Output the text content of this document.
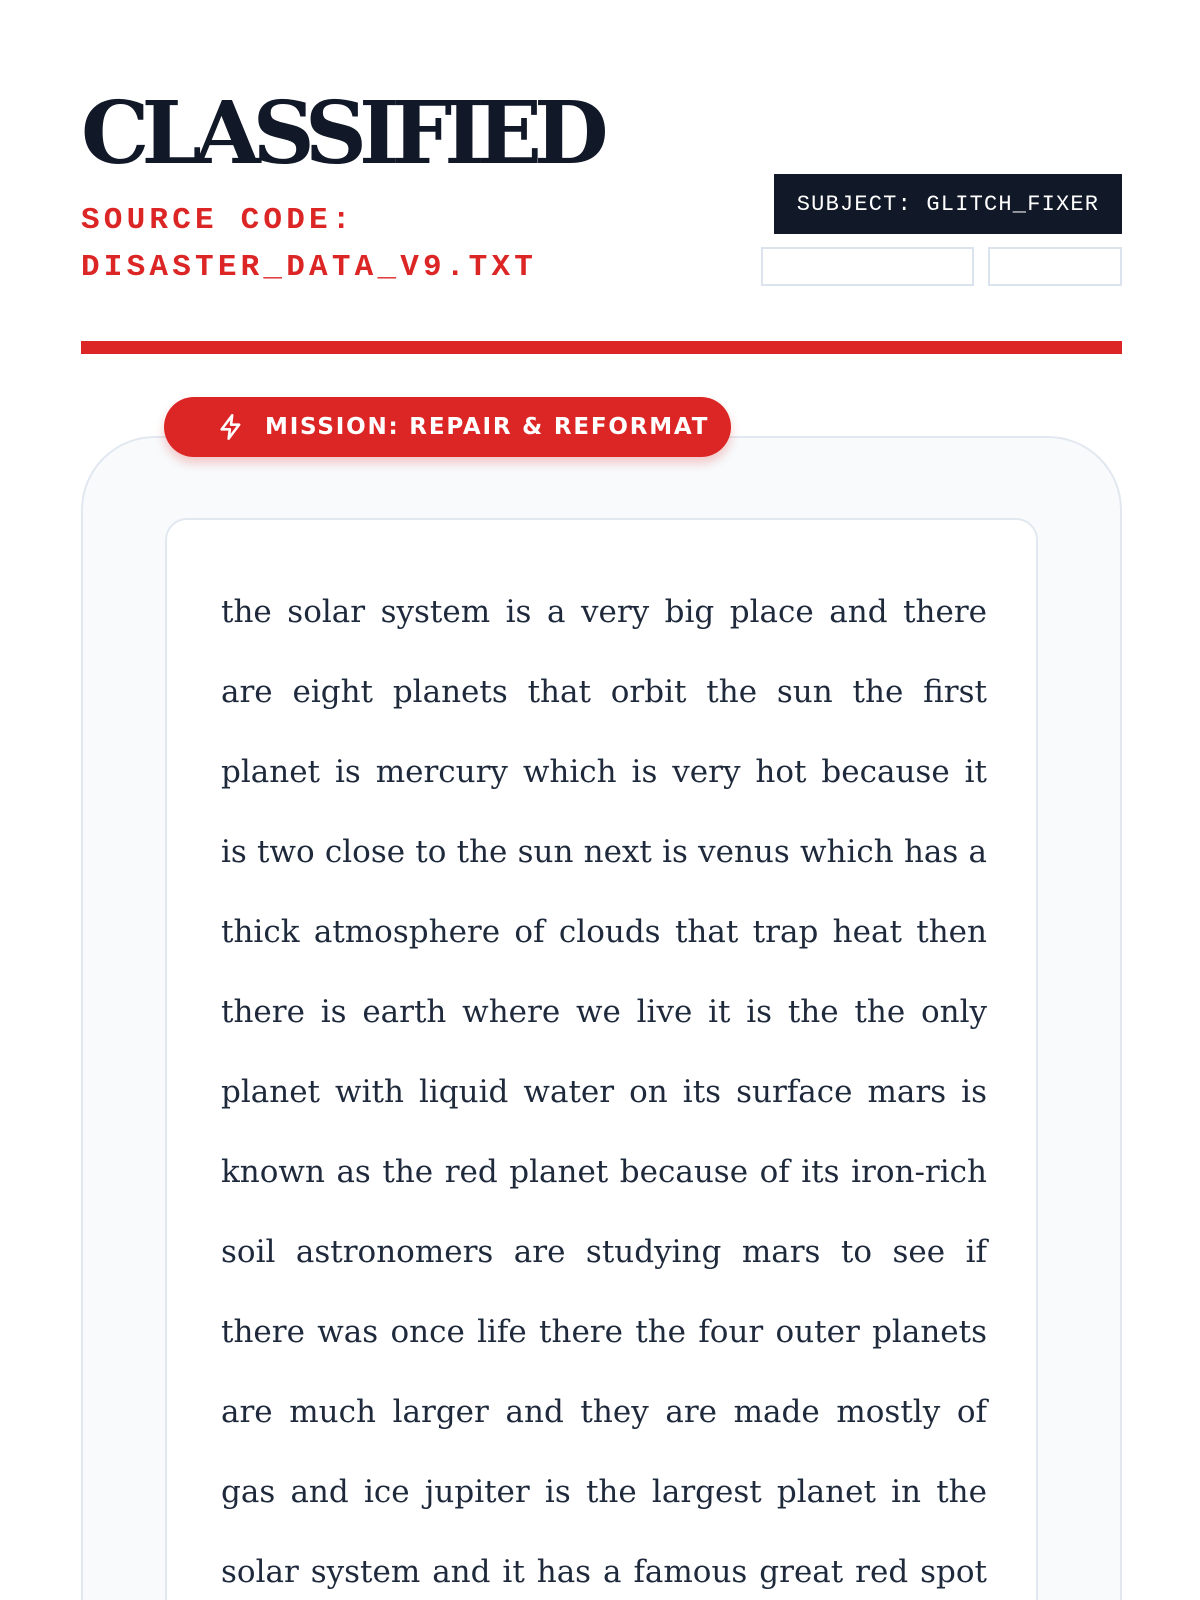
CLASSIFIED
SOURCE CODE:
DISASTER_DATA_V9.TXT
SUBJECT: GLITCH_FIXER
MISSION: REPAIR & REFORMAT
the solar system is a very big place and there
are eight planets that orbit the sun the first
planet is mercury which is very hot because it
is two close to the sun next is venus which has a
thick atmosphere of clouds that trap heat then
there is earth where we live it is the the only
planet with liquid water on its surface mars is
known as the red planet because of its iron-rich
soil astronomers are studying mars to see if
there was once life there the four outer planets
are much larger and they are made mostly of
gas and ice jupiter is the largest planet in the
solar system and it has a famous great red spot
